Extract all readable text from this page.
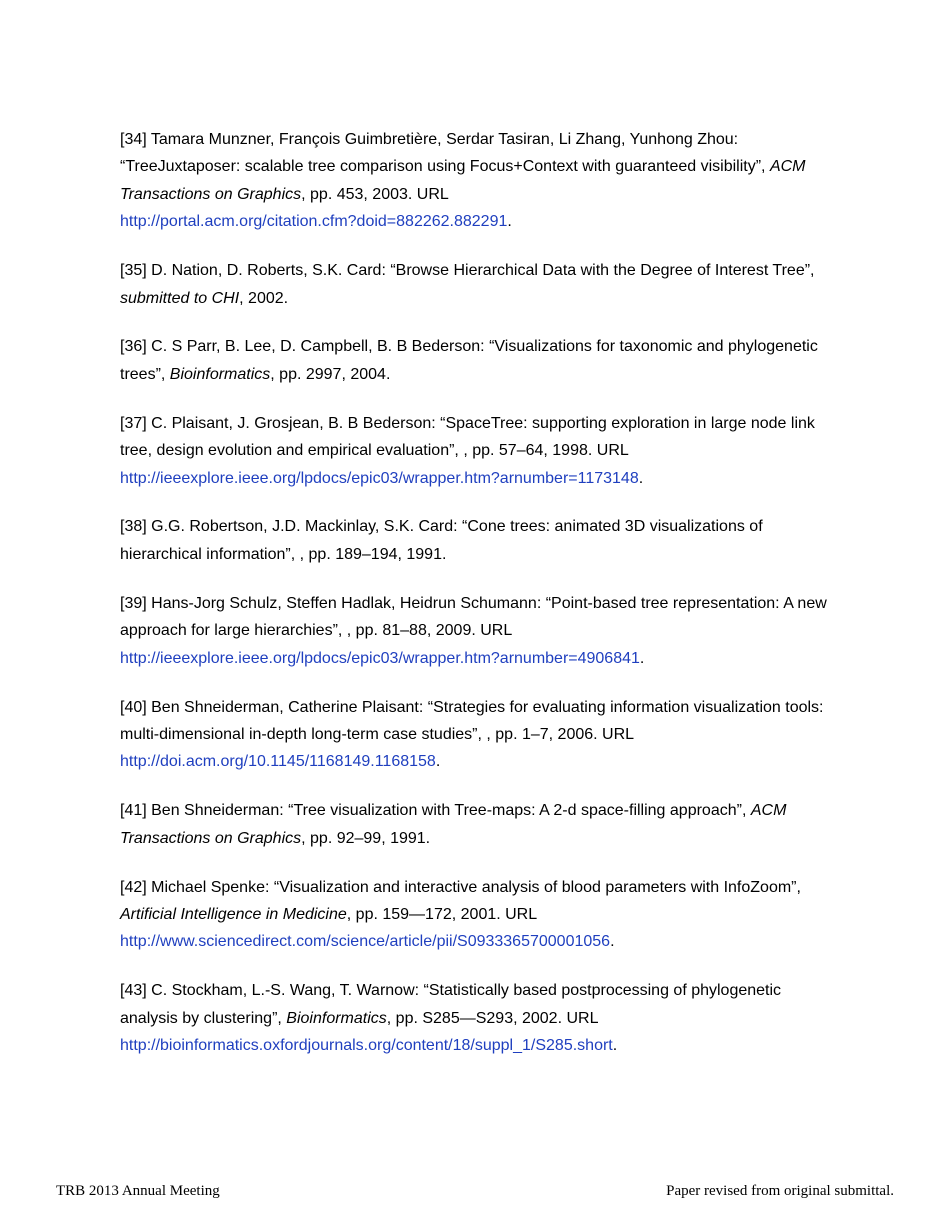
[34] Tamara Munzner, François Guimbretière, Serdar Tasiran, Li Zhang, Yunhong Zhou: “TreeJuxtaposer: scalable tree comparison using Focus+Context with guaranteed visibility”, ACM Transactions on Graphics, pp. 453, 2003. URL
http://portal.acm.org/citation.cfm?doid=882262.882291.
[35] D. Nation, D. Roberts, S.K. Card: “Browse Hierarchical Data with the Degree of Interest Tree”, submitted to CHI, 2002.
[36] C. S Parr, B. Lee, D. Campbell, B. B Bederson: “Visualizations for taxonomic and phylogenetic trees”, Bioinformatics, pp. 2997, 2004.
[37] C. Plaisant, J. Grosjean, B. B Bederson: “SpaceTree: supporting exploration in large node link tree, design evolution and empirical evaluation”, , pp. 57–64, 1998. URL
http://ieeexplore.ieee.org/lpdocs/epic03/wrapper.htm?arnumber=1173148.
[38] G.G. Robertson, J.D. Mackinlay, S.K. Card: “Cone trees: animated 3D visualizations of hierarchical information”, , pp. 189–194, 1991.
[39] Hans-Jorg Schulz, Steffen Hadlak, Heidrun Schumann: “Point-based tree representation: A new approach for large hierarchies”, , pp. 81–88, 2009. URL
http://ieeexplore.ieee.org/lpdocs/epic03/wrapper.htm?arnumber=4906841.
[40] Ben Shneiderman, Catherine Plaisant: “Strategies for evaluating information visualization tools: multi-dimensional in-depth long-term case studies”, , pp. 1–7, 2006. URL
http://doi.acm.org/10.1145/1168149.1168158.
[41] Ben Shneiderman: “Tree visualization with Tree-maps: A 2-d space-filling approach”, ACM Transactions on Graphics, pp. 92–99, 1991.
[42] Michael Spenke: “Visualization and interactive analysis of blood parameters with InfoZoom”, Artificial Intelligence in Medicine, pp. 159—172, 2001. URL
http://www.sciencedirect.com/science/article/pii/S0933365700001056.
[43] C. Stockham, L.-S. Wang, T. Warnow: “Statistically based postprocessing of phylogenetic analysis by clustering”, Bioinformatics, pp. S285—S293, 2002. URL
http://bioinformatics.oxfordjournals.org/content/18/suppl_1/S285.short.
TRB 2013 Annual Meeting	Paper revised from original submittal.
